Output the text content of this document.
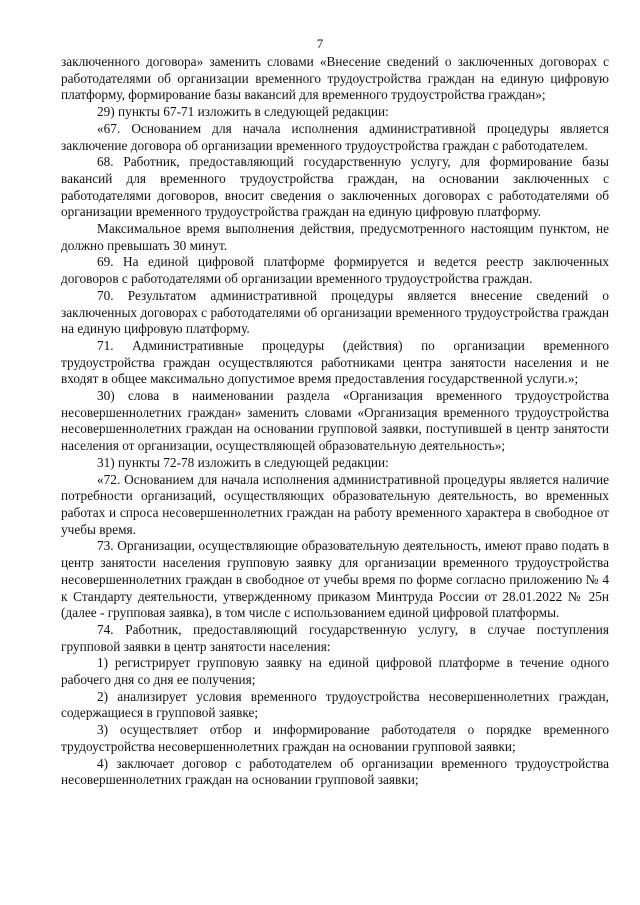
7

заключенного договора» заменить словами «Внесение сведений о заключенных договорах с работодателями об организации временного трудоустройства граждан на единую цифровую платформу, формирование базы вакансий для временного трудоустройства граждан»;

29) пункты 67-71 изложить в следующей редакции:

«67. Основанием для начала исполнения административной процедуры является заключение договора об организации временного трудоустройства граждан с работодателем.

68. Работник, предоставляющий государственную услугу, для формирование базы вакансий для временного трудоустройства граждан, на основании заключенных с работодателями договоров, вносит сведения о заключенных договорах с работодателями об организации временного трудоустройства граждан на единую цифровую платформу.

Максимальное время выполнения действия, предусмотренного настоящим пунктом, не должно превышать 30 минут.

69. На единой цифровой платформе формируется и ведется реестр заключенных договоров с работодателями об организации временного трудоустройства граждан.

70. Результатом административной процедуры является внесение сведений о заключенных договорах с работодателями об организации временного трудоустройства граждан на единую цифровую платформу.

71. Административные процедуры (действия) по организации временного трудоустройства граждан осуществляются работниками центра занятости населения и не входят в общее максимально допустимое время предоставления государственной услуги.»;

30) слова в наименовании раздела «Организация временного трудоустройства несовершеннолетних граждан» заменить словами «Организация временного трудоустройства несовершеннолетних граждан на основании групповой заявки, поступившей в центр занятости населения от организации, осуществляющей образовательную деятельность»;

31) пункты 72-78 изложить в следующей редакции:

«72. Основанием для начала исполнения административной процедуры является наличие потребности организаций, осуществляющих образовательную деятельность, во временных работах и спроса несовершеннолетних граждан на работу временного характера в свободное от учебы время.

73. Организации, осуществляющие образовательную деятельность, имеют право подать в центр занятости населения групповую заявку для организации временного трудоустройства несовершеннолетних граждан в свободное от учебы время по форме согласно приложению № 4 к Стандарту деятельности, утвержденному приказом Минтруда России от 28.01.2022 № 25н (далее - групповая заявка), в том числе с использованием единой цифровой платформы.

74. Работник, предоставляющий государственную услугу, в случае поступления групповой заявки в центр занятости населения:

1) регистрирует групповую заявку на единой цифровой платформе в течение одного рабочего дня со дня ее получения;

2) анализирует условия временного трудоустройства несовершеннолетних граждан, содержащиеся в групповой заявке;

3) осуществляет отбор и информирование работодателя о порядке временного трудоустройства несовершеннолетних граждан на основании групповой заявки;

4) заключает договор с работодателем об организации временного трудоустройства несовершеннолетних граждан на основании групповой заявки;
